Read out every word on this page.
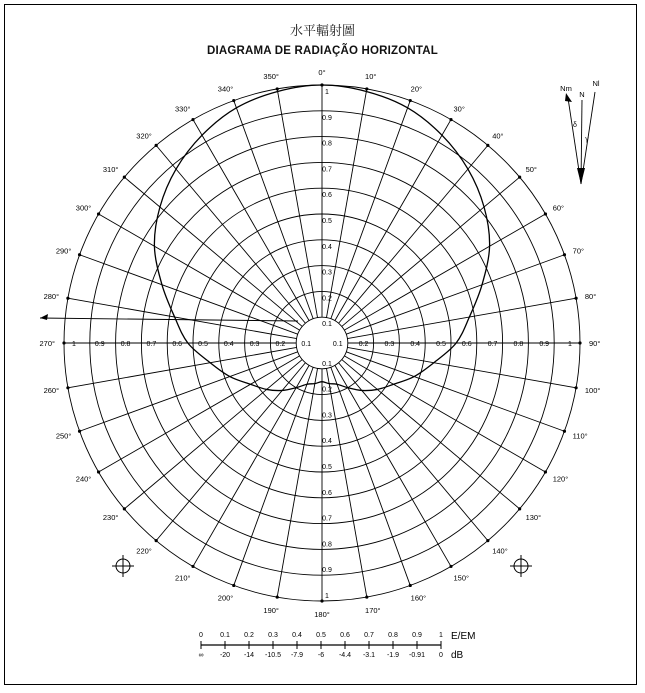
水平輻射圖
DIAGRAMA DE RADIAÇÃO HORIZONTAL
0°	10°
20°
30°
40°
50°
60°
70°
80°
90°
100°
110°
120°
130°
140°
150°
160°
170°
180°
190°
200°
210°
220°
230°
240°
250°
260°
270°
280°
290°
300°
310°
320°
330°
340°
350°
0.1
0.1
0.1
0.1
0.2
0.2
0.2
0.2
0.3
0.3
0.3
0.3
0.4
0.4
0.4
0.4
0.5
0.5
0.5
0.5
0.6
0.6
0.6
0.6
0.7
0.7
0.7
0.7
0.8
0.8
0.8
0.8
0.9
0.9
0.9
0.9
1
1
1
1
Nm
N
Nl
δ
γ
0
∞
0.1
-20
0.2
-14
0.3
-10.5
0.4
-7.9
0.5
-6
0.6
-4.4
0.7
-3.1
0.8
-1.9
0.9
-0.91
1
0
E/EM
dB
